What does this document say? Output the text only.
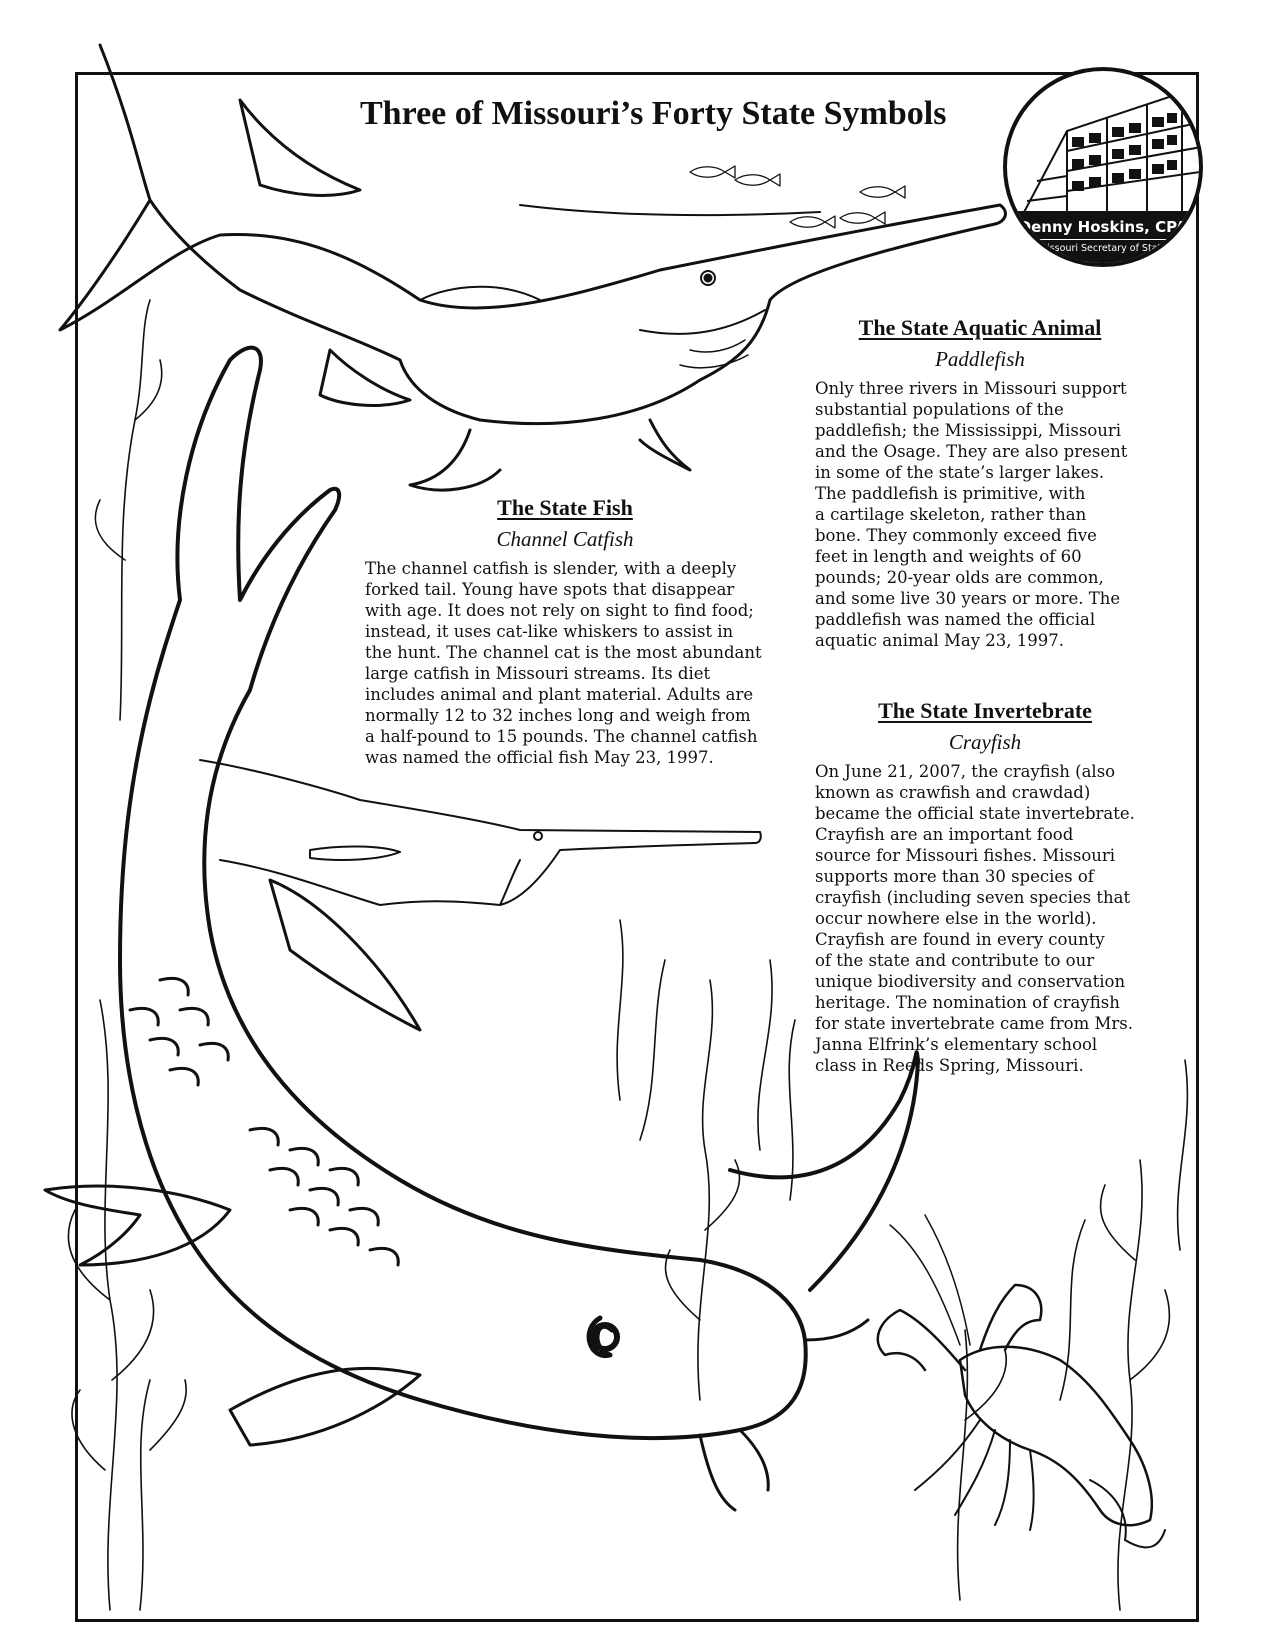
Three of Missouri’s Forty State Symbols
Denny Hoskins, CPA
Missouri Secretary of State
The State Fish
Channel Catfish
The channel catfish is slender, with a deeply
forked tail. Young have spots that disappear
with age. It does not rely on sight to find food;
instead, it uses cat-like whiskers to assist in
the hunt. The channel cat is the most abundant
large catfish in Missouri streams. Its diet
includes animal and plant material. Adults are
normally 12 to 32 inches long and weigh from
a half-pound to 15 pounds. The channel catfish
was named the official fish May 23, 1997.
The State Aquatic Animal
Paddlefish
Only three rivers in Missouri support
substantial populations of the
paddlefish; the Mississippi, Missouri
and the Osage. They are also present
in some of the state’s larger lakes.
The paddlefish is primitive, with
a cartilage skeleton, rather than
bone. They commonly exceed five
feet in length and weights of 60
pounds; 20-year olds are common,
and some live 30 years or more. The
paddlefish was named the official
aquatic animal May 23, 1997.
The State Invertebrate
Crayfish
On June 21, 2007, the crayfish (also
known as crawfish and crawdad)
became the official state invertebrate.
Crayfish are an important food
source for Missouri fishes. Missouri
supports more than 30 species of
crayfish (including seven species that
occur nowhere else in the world).
Crayfish are found in every county
of the state and contribute to our
unique biodiversity and conservation
heritage. The nomination of crayfish
for state invertebrate came from Mrs.
Janna Elfrink’s elementary school
class in Reeds Spring, Missouri.
